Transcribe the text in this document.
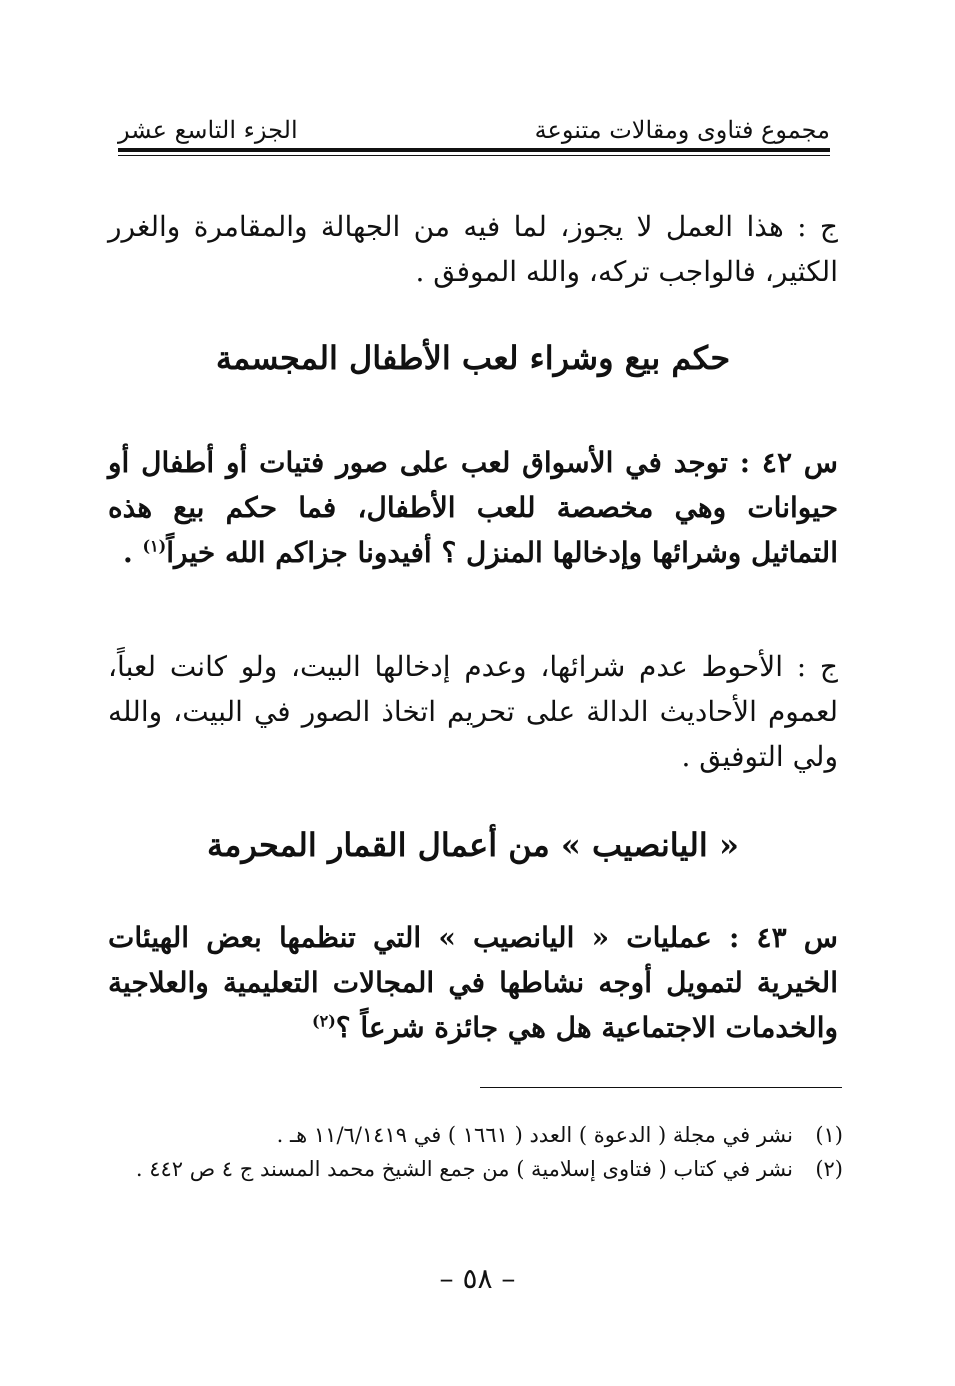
مجموع فتاوى ومقالات متنوعة
الجزء التاسع عشر

ج : هذا العمل لا يجوز، لما فيه من الجهالة والمقامرة والغرر الكثير، فالواجب تركه، والله الموفق .

حكم بيع وشراء لعب الأطفال المجسمة

س ٤٢ : توجد في الأسواق لعب على صور فتيات أو أطفال أو حيوانات وهي مخصصة للعب الأطفال، فما حكم بيع هذه التماثيل وشرائها وإدخالها المنزل ؟ أفيدونا جزاكم الله خيراً$^{(١)}$ .

ج : الأحوط عدم شرائها، وعدم إدخالها البيت، ولو كانت لعباً، لعموم الأحاديث الدالة على تحريم اتخاذ الصور في البيت، والله ولي التوفيق .

« اليانصيب » من أعمال القمار المحرمة

س ٤٣ : عمليات « اليانصيب » التي تنظمها بعض الهيئات الخيرية لتمويل أوجه نشاطها في المجالات التعليمية والعلاجية والخدمات الاجتماعية هل هي جائزة شرعاً ؟$^{(٢)}$

(١)
نشر في مجلة ( الدعوة ) العدد ( ١٦٦١ ) في ١١/٦/١٤١٩ هـ .
(٢)
نشر في كتاب ( فتاوى إسلامية ) من جمع الشيخ محمد المسند ج ٤ ص ٤٤٢ .
– ٥٨ –
